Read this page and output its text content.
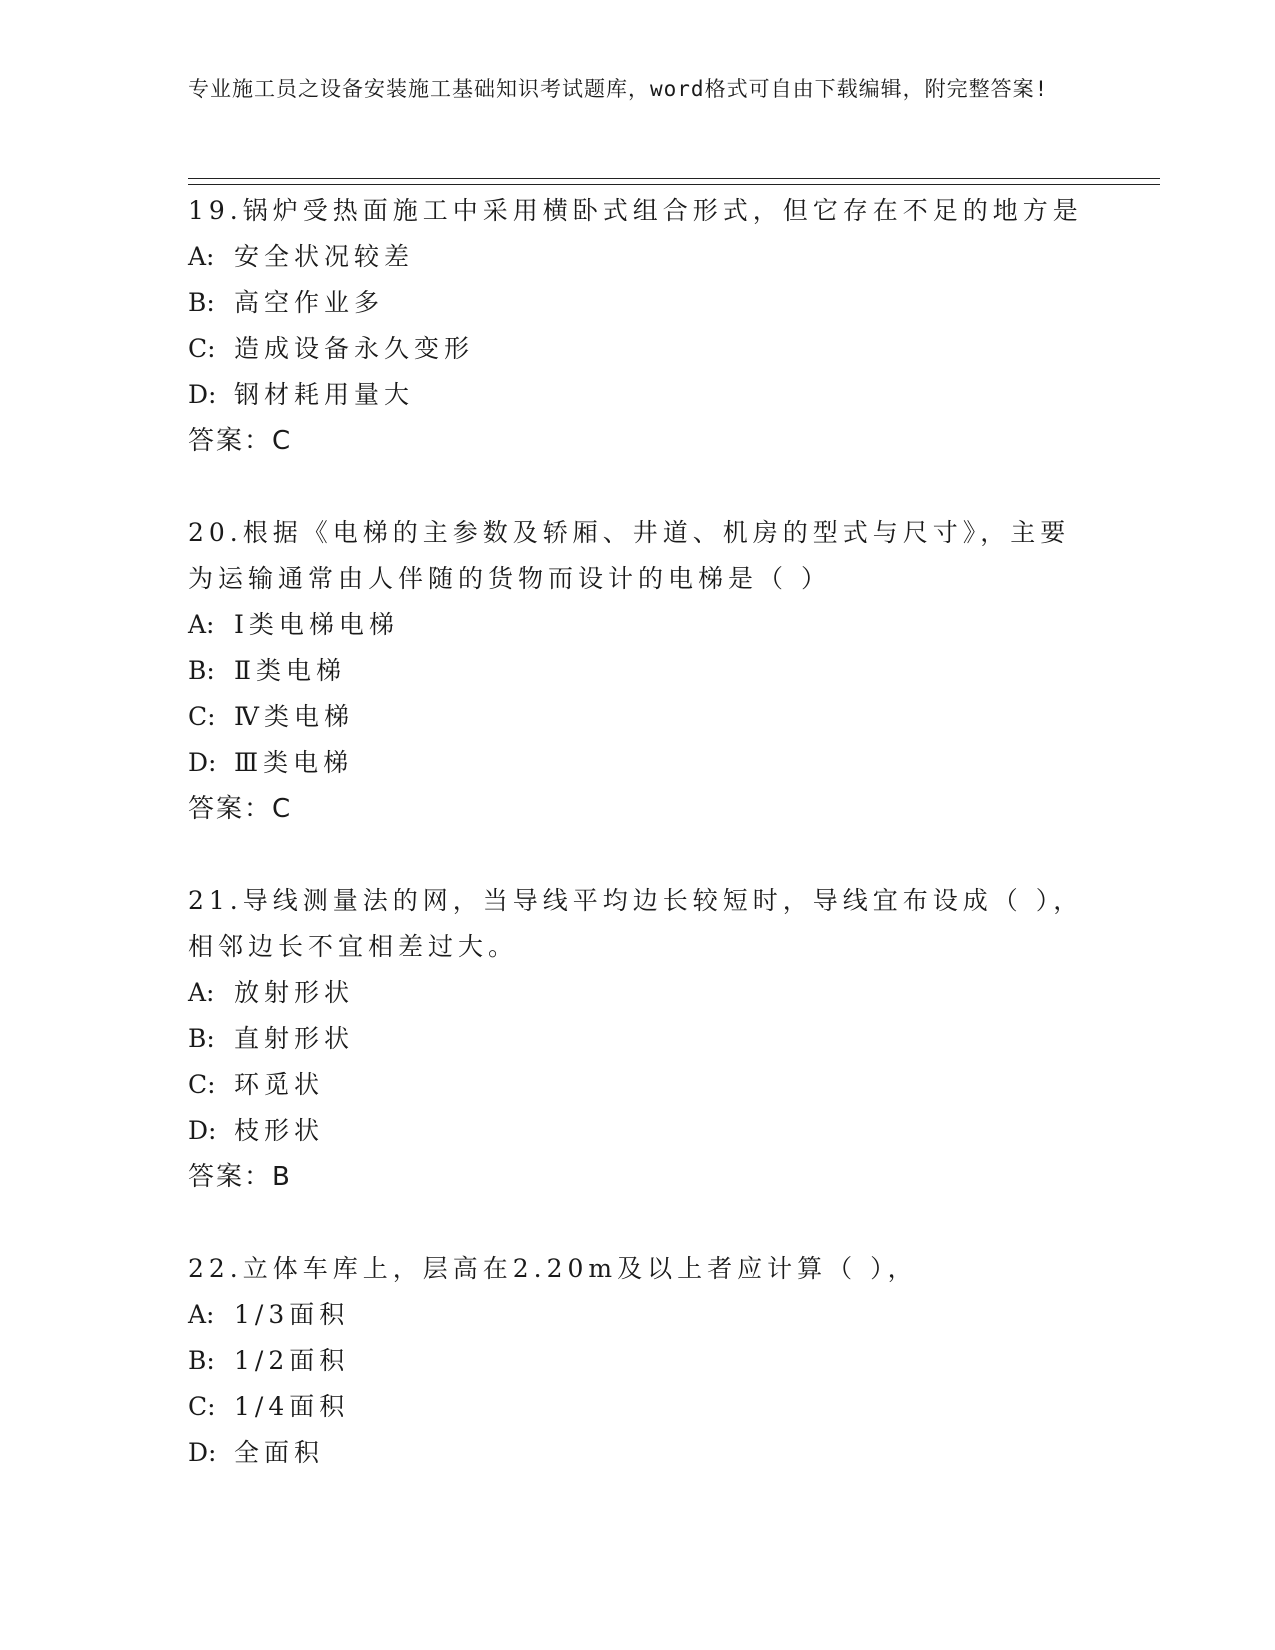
专业施工员之设备安装施工基础知识考试题库，word格式可自由下载编辑，附完整答案!

19.锅炉受热面施工中采用横卧式组合形式，但它存在不足的地方是

A: 安全状况较差

B: 高空作业多

C: 造成设备永久变形

D: 钢材耗用量大

答案：C

20.根据《电梯的主参数及轿厢、井道、机房的型式与尺寸》，主要为运输通常由人伴随的货物而设计的电梯是（ ）

A: Ⅰ类电梯电梯

B: Ⅱ类电梯

C: Ⅳ类电梯

D: Ⅲ类电梯

答案：C

21.导线测量法的网，当导线平均边长较短时，导线宜布设成（ ），相邻边长不宜相差过大。

A: 放射形状

B: 直射形状

C: 环觅状

D: 枝形状

答案：B

22.立体车库上，层高在2.20m及以上者应计算（ ），

A: 1/3面积

B: 1/2面积

C: 1/4面积

D: 全面积
